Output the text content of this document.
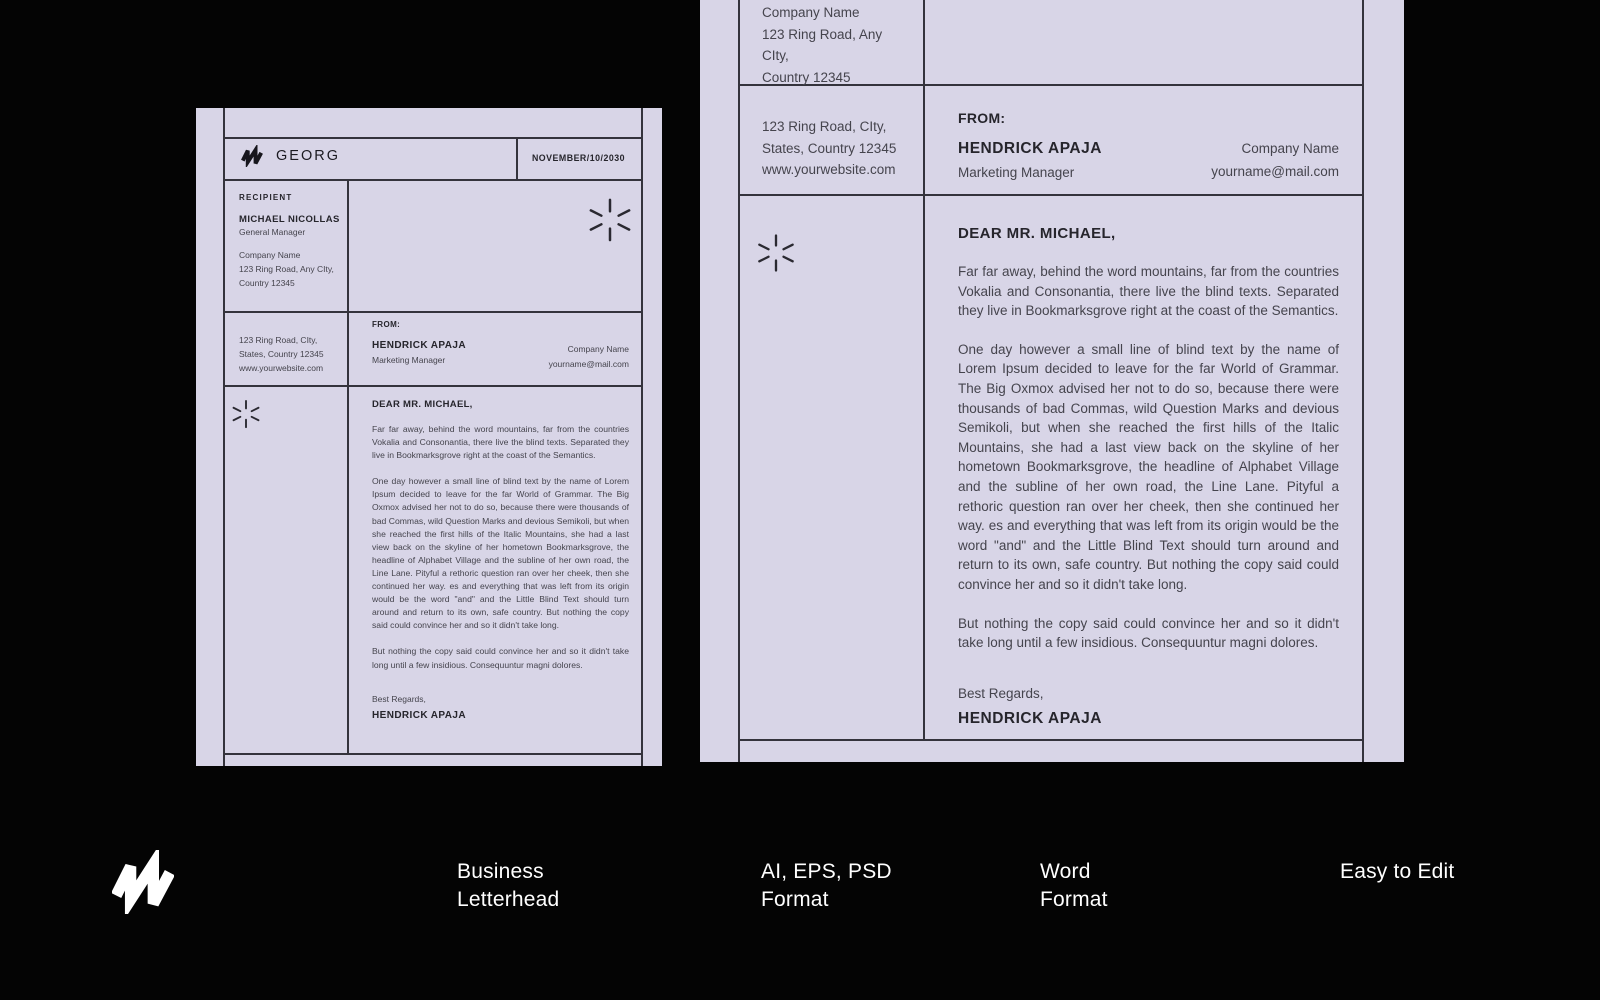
GEORG	NOVEMBER/10/2030
RECIPIENT
MICHAEL NICOLLAS
General Manager
Company Name
123 Ring Road, Any CIty,
Country 12345
123 Ring Road, CIty,
States, Country 12345
www.yourwebsite.com
FROM:
HENDRICK APAJA
Marketing Manager
Company Name
yourname@mail.com
DEAR MR. MICHAEL,

Far far away, behind the word mountains, far from the countries Vokalia and Consonantia, there live the blind texts. Separated they live in Bookmarksgrove right at the coast of the Semantics.

One day however a small line of blind text by the name of Lorem Ipsum decided to leave for the far World of Grammar. The Big Oxmox advised her not to do so, because there were thousands of bad Commas, wild Question Marks and devious Semikoli, but when she reached the first hills of the Italic Mountains, she had a last view back on the skyline of her hometown Bookmarksgrove, the headline of Alphabet Village and the subline of her own road, the Line Lane. Pityful a rethoric question ran over her cheek, then she continued her way. es and everything that was left from its origin would be the word "and" and the Little Blind Text should turn around and return to its own, safe country. But nothing the copy said could convince her and so it didn't take long.

But nothing the copy said could convince her and so it didn't take long until a few insidious. Consequuntur magni dolores.

Best Regards,
HENDRICK APAJA
Company Name
123 Ring Road, Any CIty,
Country 12345
123 Ring Road, CIty,
States, Country 12345
www.yourwebsite.com
FROM:
HENDRICK APAJA
Marketing Manager
Company Name
yourname@mail.com
DEAR MR. MICHAEL,

Far far away, behind the word mountains, far from the countries Vokalia and Consonantia, there live the blind texts. Separated they live in Bookmarksgrove right at the coast of the Semantics.

One day however a small line of blind text by the name of Lorem Ipsum decided to leave for the far World of Grammar. The Big Oxmox advised her not to do so, because there were thousands of bad Commas, wild Question Marks and devious Semikoli, but when she reached the first hills of the Italic Mountains, she had a last view back on the skyline of her hometown Bookmarksgrove, the headline of Alphabet Village and the subline of her own road, the Line Lane. Pityful a rethoric question ran over her cheek, then she continued her way. es and everything that was left from its origin would be the word "and" and the Little Blind Text should turn around and return to its own, safe country. But nothing the copy said could convince her and so it didn't take long.

But nothing the copy said could convince her and so it didn't take long until a few insidious. Consequuntur magni dolores.

Best Regards,
HENDRICK APAJA
Business
Letterhead
AI, EPS, PSD
Format
Word
Format
Easy to Edit
